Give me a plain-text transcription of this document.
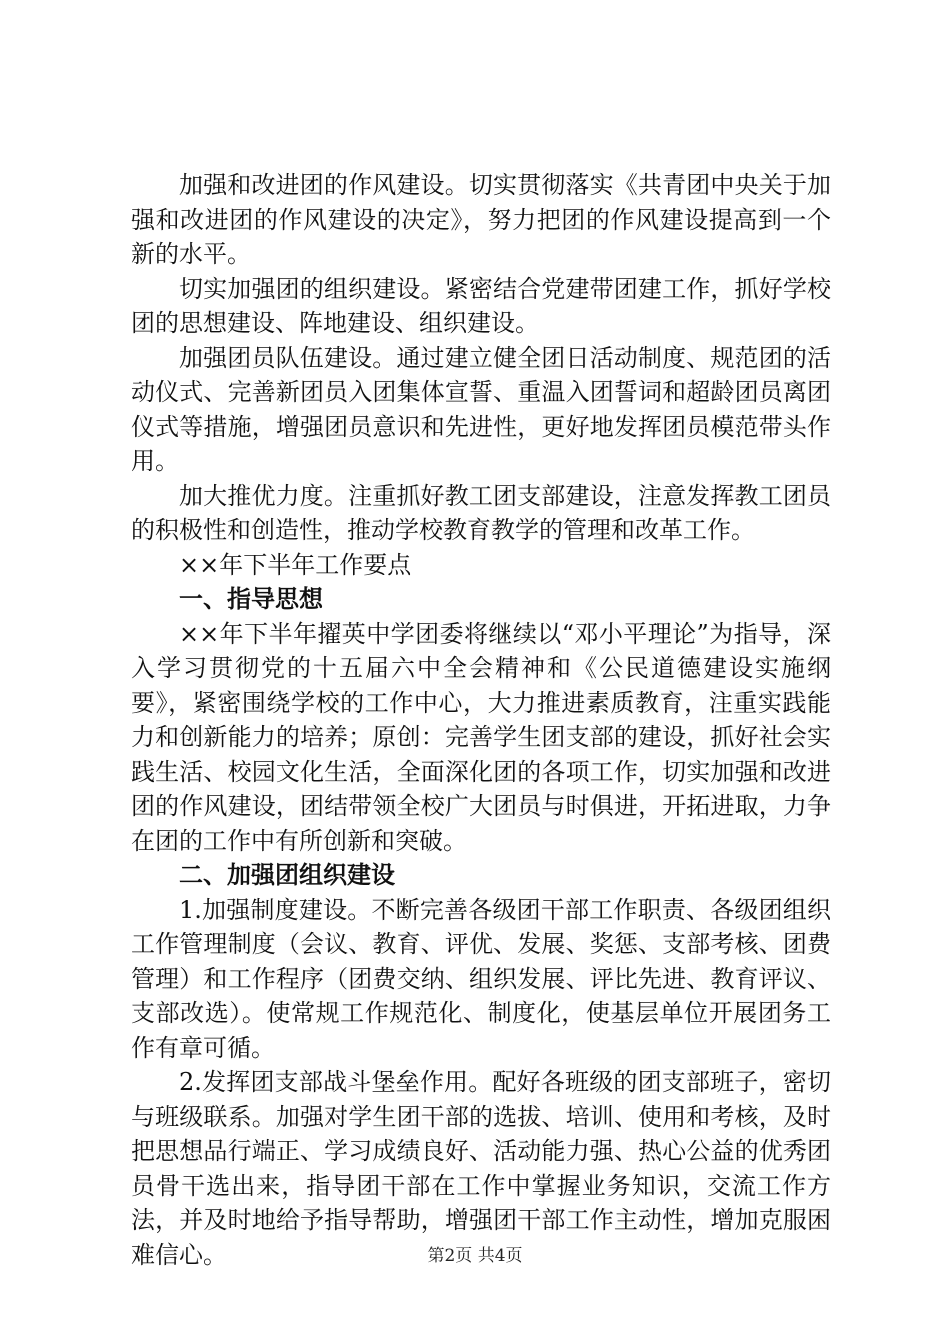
加强和改进团的作风建设。切实贯彻落实《共青团中央关于加强和改进团的作风建设的决定》，努力把团的作风建设提高到一个新的水平。

切实加强团的组织建设。紧密结合党建带团建工作，抓好学校团的思想建设、阵地建设、组织建设。

加强团员队伍建设。通过建立健全团日活动制度、规范团的活动仪式、完善新团员入团集体宣誓、重温入团誓词和超龄团员离团仪式等措施，增强团员意识和先进性，更好地发挥团员模范带头作用。

加大推优力度。注重抓好教工团支部建设，注意发挥教工团员的积极性和创造性，推动学校教育教学的管理和改革工作。

××年下半年工作要点

一、指导思想

××年下半年擢英中学团委将继续以“邓小平理论”为指导，深入学习贯彻党的十五届六中全会精神和《公民道德建设实施纲要》，紧密围绕学校的工作中心，大力推进素质教育，注重实践能力和创新能力的培养；原创：完善学生团支部的建设，抓好社会实践生活、校园文化生活，全面深化团的各项工作，切实加强和改进团的作风建设，团结带领全校广大团员与时俱进，开拓进取，力争在团的工作中有所创新和突破。

二、加强团组织建设

1.加强制度建设。不断完善各级团干部工作职责、各级团组织工作管理制度（会议、教育、评优、发展、奖惩、支部考核、团费管理）和工作程序（团费交纳、组织发展、评比先进、教育评议、支部改选）。使常规工作规范化、制度化，使基层单位开展团务工作有章可循。

2.发挥团支部战斗堡垒作用。配好各班级的团支部班子，密切与班级联系。加强对学生团干部的选拔、培训、使用和考核，及时把思想品行端正、学习成绩良好、活动能力强、热心公益的优秀团员骨干选出来，指导团干部在工作中掌握业务知识，交流工作方法，并及时地给予指导帮助，增强团干部工作主动性，增加克服困难信心。	第2页 共4页
